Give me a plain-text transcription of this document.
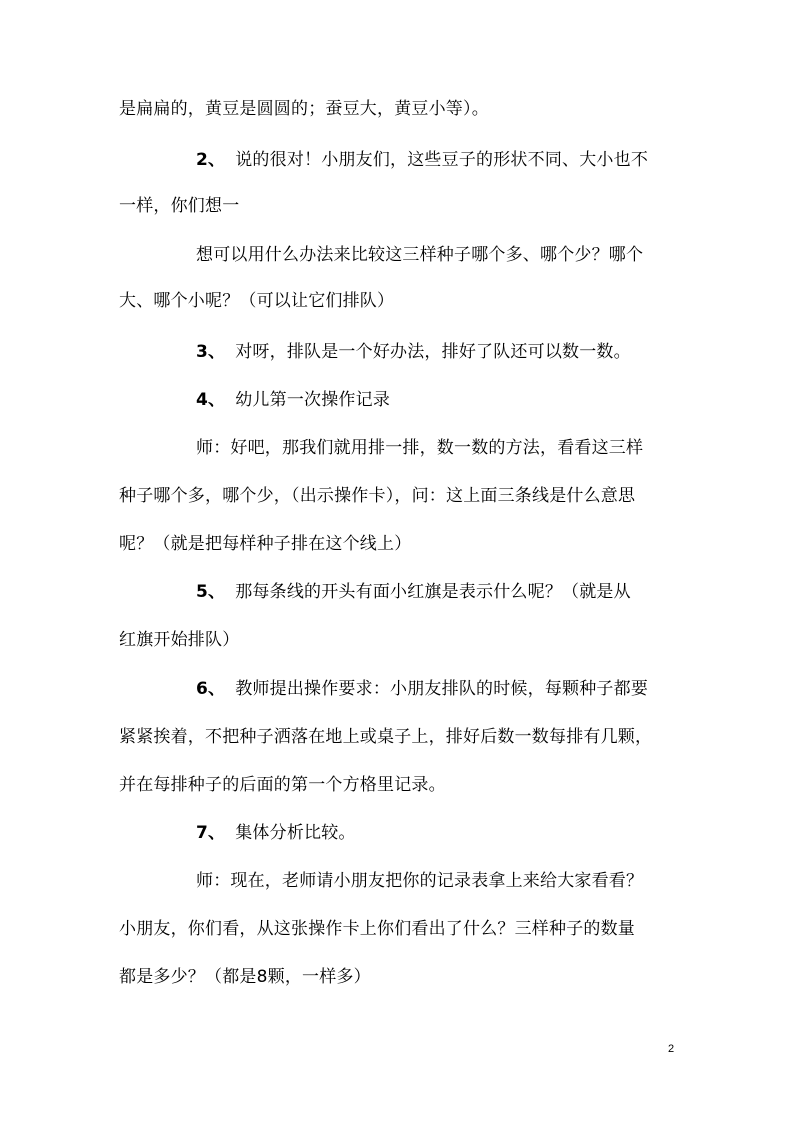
是扁扁的，黄豆是圆圆的；蚕豆大，黄豆小等）。
2、 说的很对！小朋友们，这些豆子的形状不同、大小也不
一样，你们想一
想可以用什么办法来比较这三样种子哪个多、哪个少？哪个
大、哪个小呢？（可以让它们排队）
3、 对呀，排队是一个好办法，排好了队还可以数一数。
4、 幼儿第一次操作记录
师：好吧，那我们就用排一排，数一数的方法，看看这三样
种子哪个多，哪个少，（出示操作卡），问：这上面三条线是什么意思
呢？（就是把每样种子排在这个线上）
5、 那每条线的开头有面小红旗是表示什么呢？（就是从
红旗开始排队）
6、 教师提出操作要求：小朋友排队的时候，每颗种子都要
紧紧挨着，不把种子洒落在地上或桌子上，排好后数一数每排有几颗，
并在每排种子的后面的第一个方格里记录。
7、 集体分析比较。
师：现在，老师请小朋友把你的记录表拿上来给大家看看？
小朋友，你们看，从这张操作卡上你们看出了什么？三样种子的数量
都是多少？（都是8颗，一样多）
2
